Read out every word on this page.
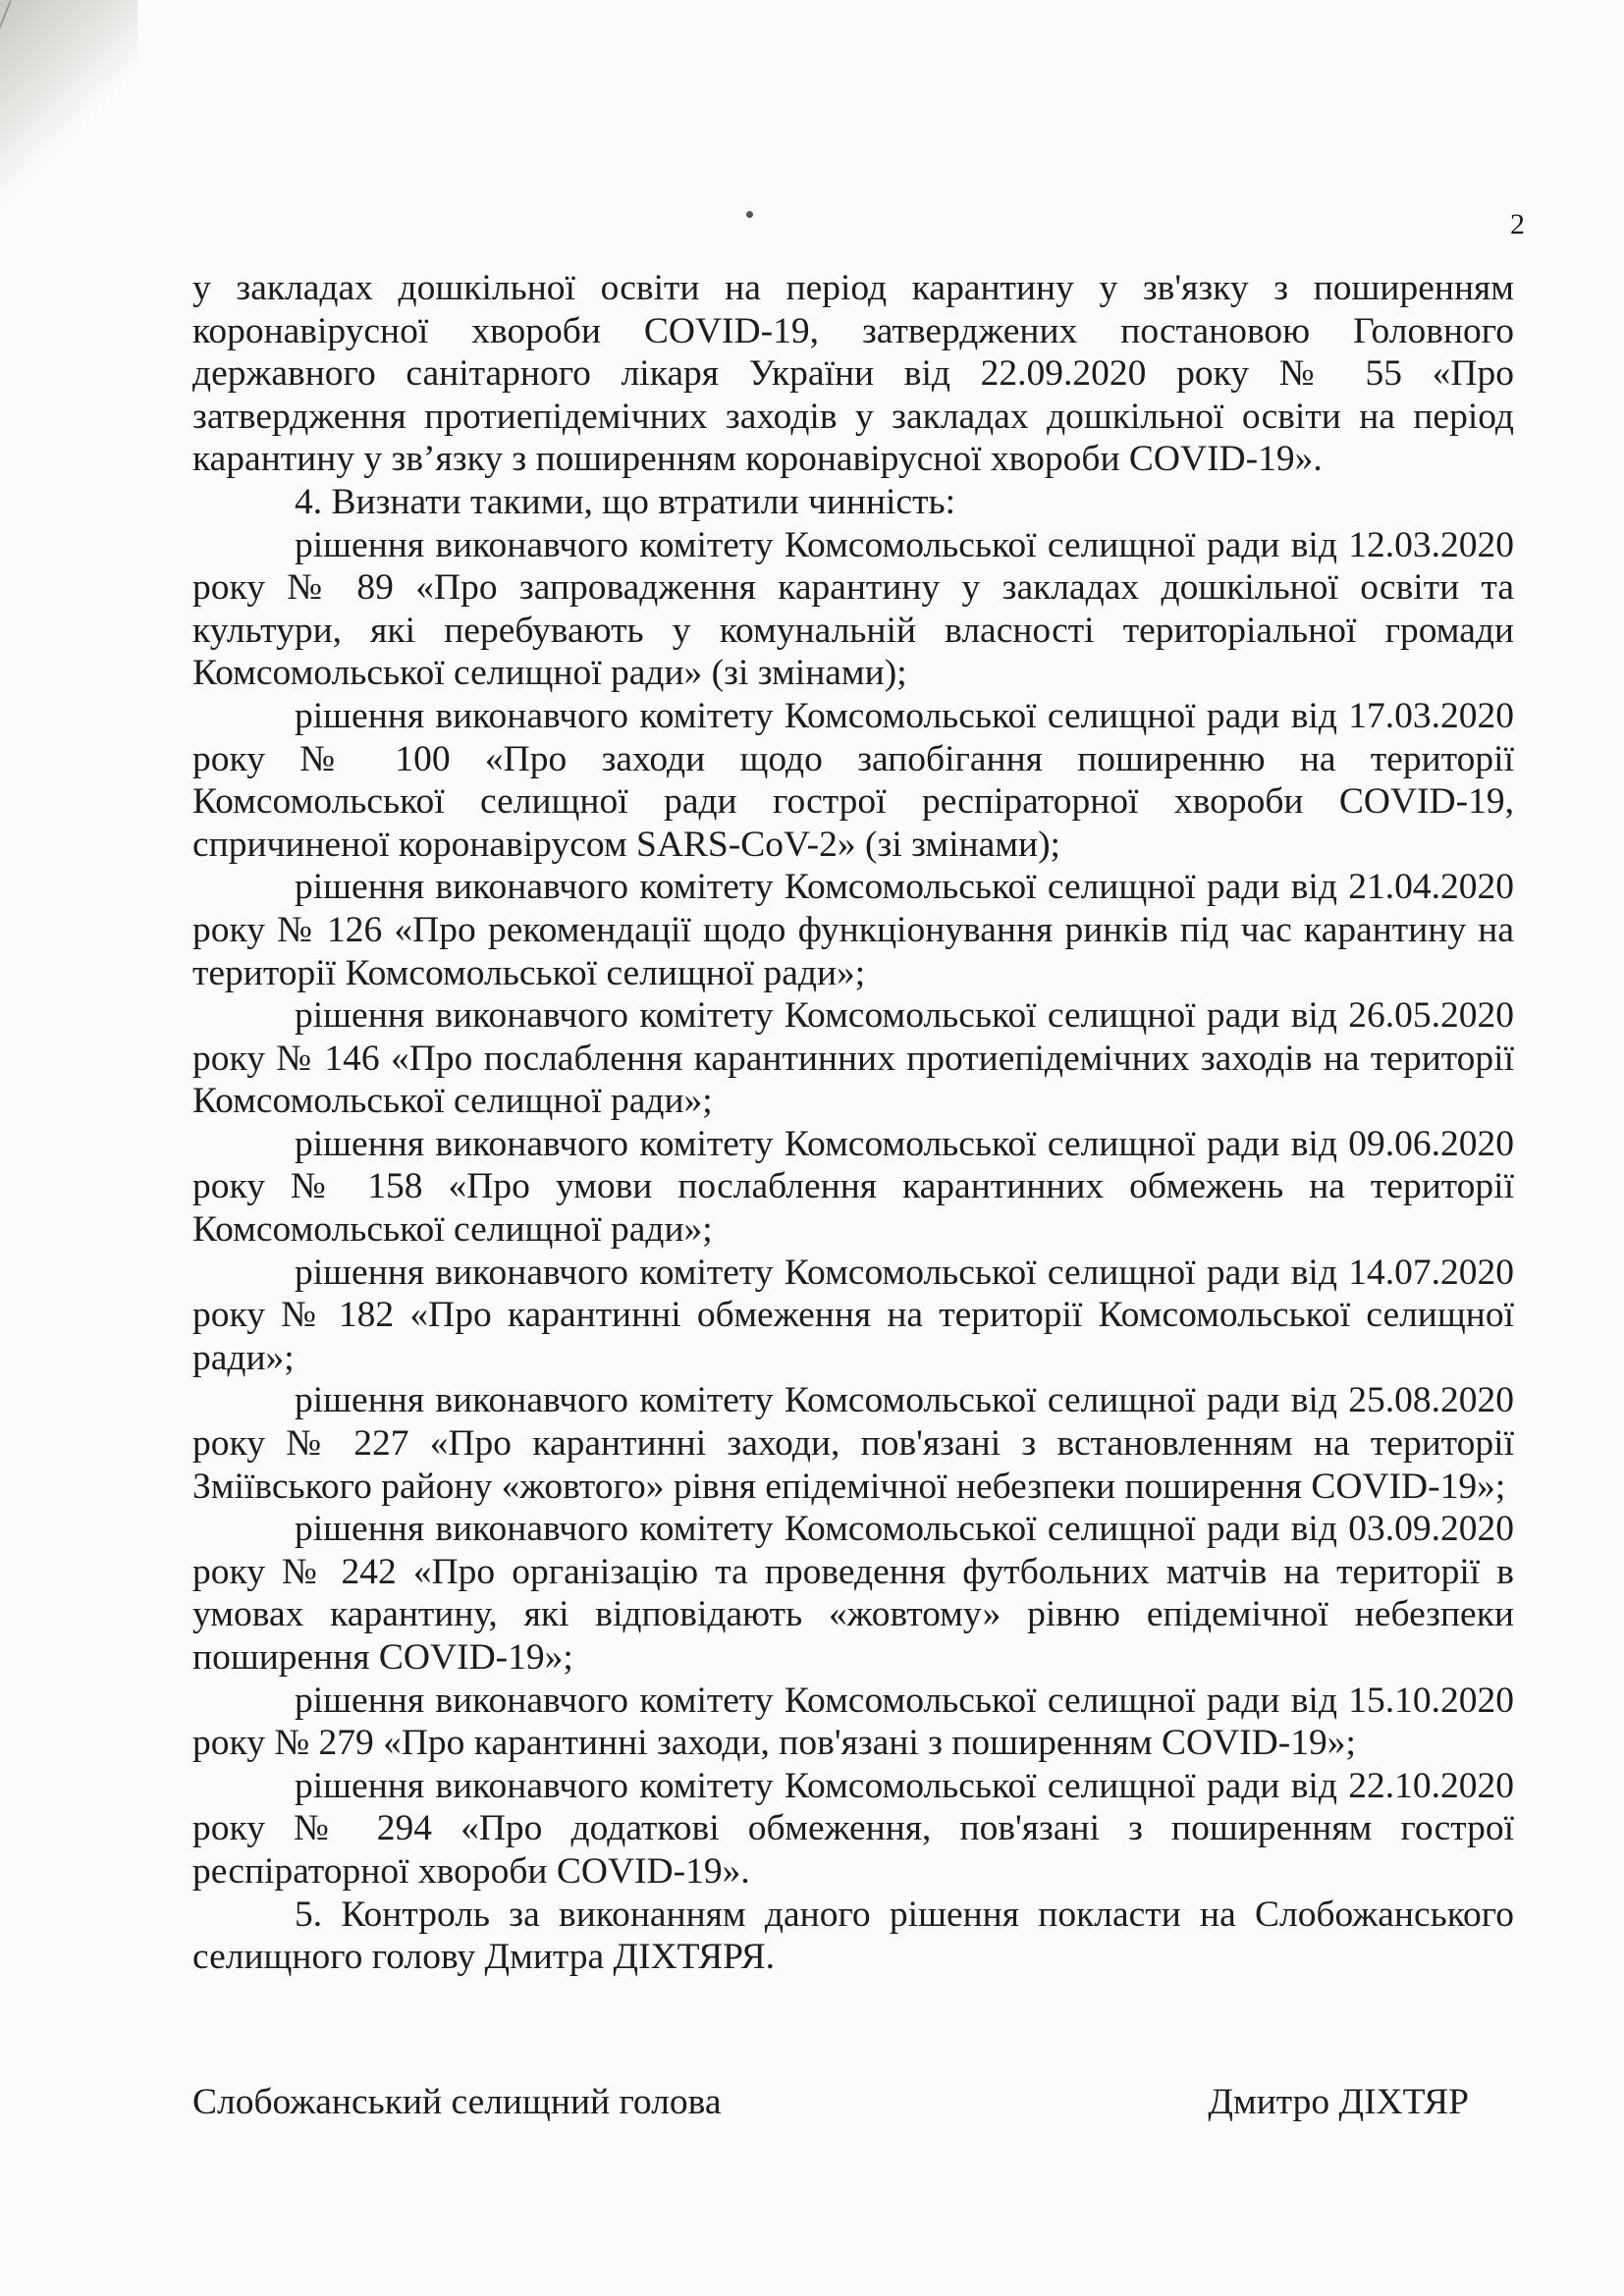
2

у закладах дошкільної освіти на період карантину у зв'язку з поширенням коронавірусної хвороби COVID-19, затверджених постановою Головного державного санітарного лікаря України від 22.09.2020 року № 55 «Про затвердження протиепідемічних заходів у закладах дошкільної освіти на період карантину у зв’язку з поширенням коронавірусної хвороби COVID-19».

4. Визнати такими, що втратили чинність:

рішення виконавчого комітету Комсомольської селищної ради від 12.03.2020 року № 89 «Про запровадження карантину у закладах дошкільної освіти та культури, які перебувають у комунальній власності територіальної громади Комсомольської селищної ради» (зі змінами);

рішення виконавчого комітету Комсомольської селищної ради від 17.03.2020 року № 100 «Про заходи щодо запобігання поширенню на території Комсомольської селищної ради гострої респіраторної хвороби COVID-19, спричиненої коронавірусом SARS-CoV-2» (зі змінами);

рішення виконавчого комітету Комсомольської селищної ради від 21.04.2020 року № 126 «Про рекомендації щодо функціонування ринків під час карантину на території Комсомольської селищної ради»;

рішення виконавчого комітету Комсомольської селищної ради від 26.05.2020 року № 146 «Про послаблення карантинних протиепідемічних заходів на території Комсомольської селищної ради»;

рішення виконавчого комітету Комсомольської селищної ради від 09.06.2020 року № 158 «Про умови послаблення карантинних обмежень на території Комсомольської селищної ради»;

рішення виконавчого комітету Комсомольської селищної ради від 14.07.2020 року № 182 «Про карантинні обмеження на території Комсомольської селищної ради»;

рішення виконавчого комітету Комсомольської селищної ради від 25.08.2020 року № 227 «Про карантинні заходи, пов'язані з встановленням на території Зміївського району «жовтого» рівня епідемічної небезпеки поширення COVID-19»;

рішення виконавчого комітету Комсомольської селищної ради від 03.09.2020 року № 242 «Про організацію та проведення футбольних матчів на території в умовах карантину, які відповідають «жовтому» рівню епідемічної небезпеки поширення COVID-19»;

рішення виконавчого комітету Комсомольської селищної ради від 15.10.2020 року № 279 «Про карантинні заходи, пов'язані з поширенням COVID-19»;

рішення виконавчого комітету Комсомольської селищної ради від 22.10.2020 року № 294 «Про додаткові обмеження, пов'язані з поширенням гострої респіраторної хвороби COVID-19».

5. Контроль за виконанням даного рішення покласти на Слобожанського селищного голову Дмитра ДІХТЯРЯ.

Слобожанський селищний голова	Дмитро ДІХТЯР
